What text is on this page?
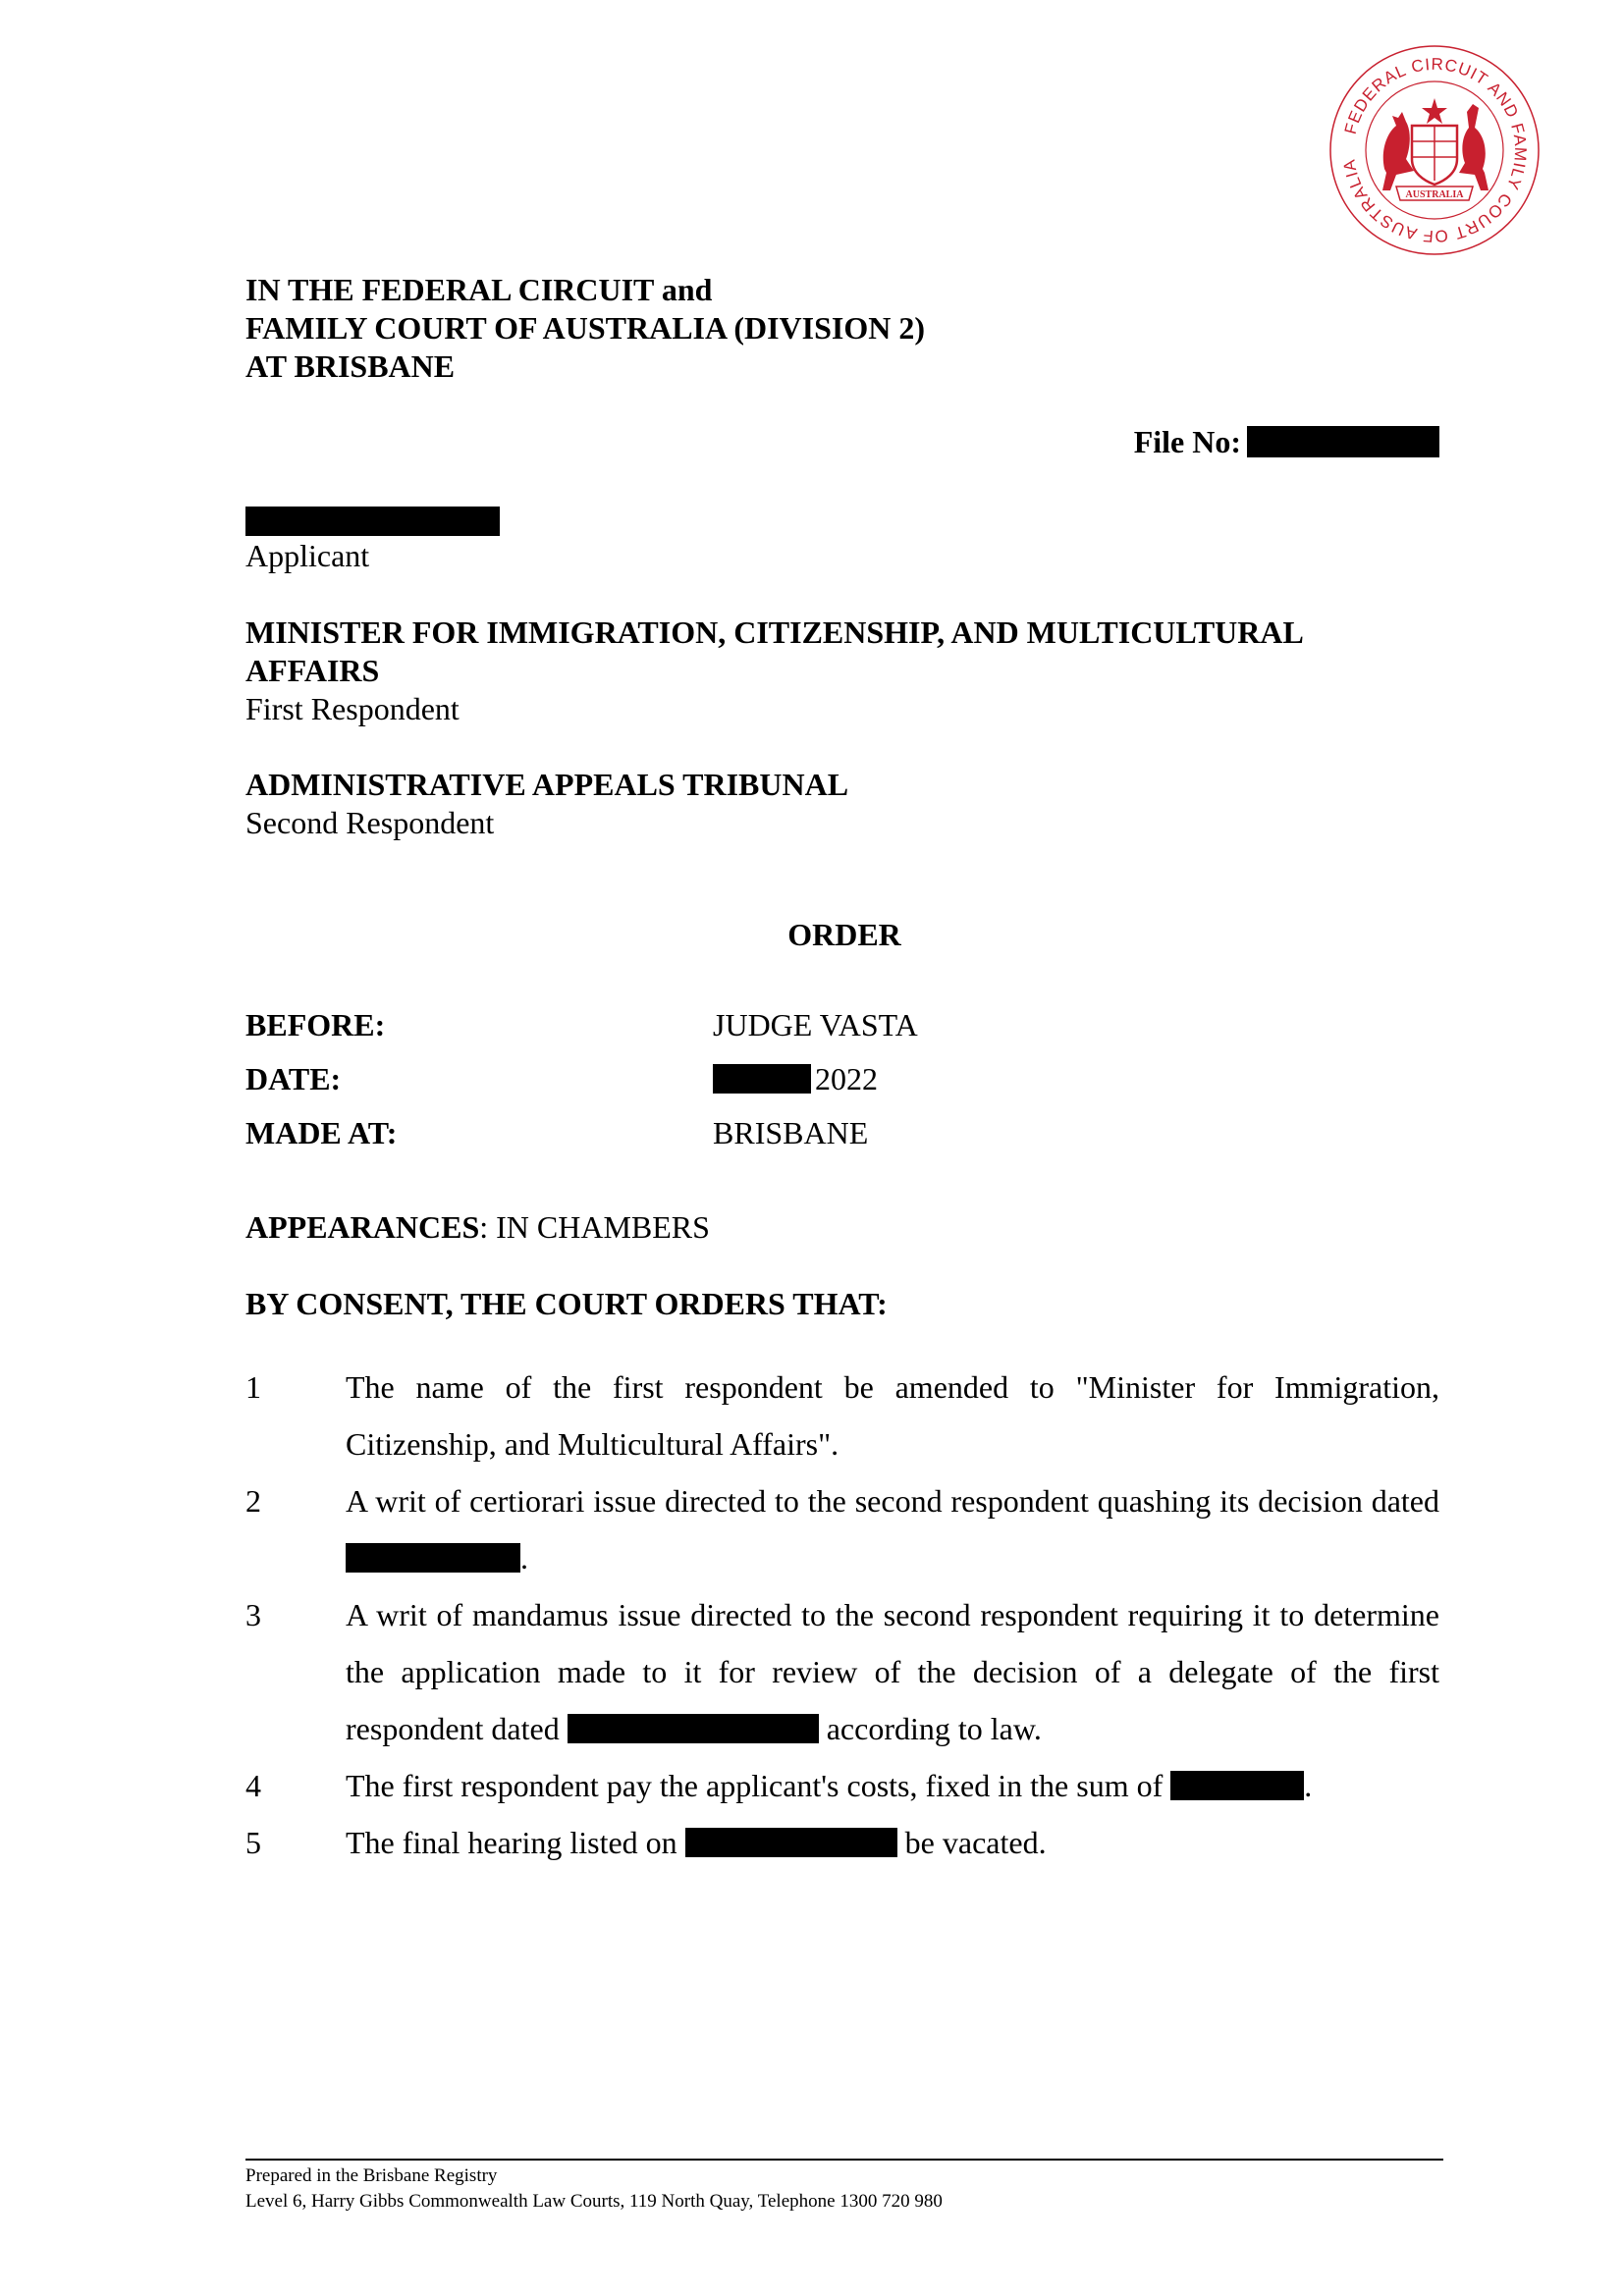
FEDERAL CIRCUIT AND FAMILY COURT OF AUSTRALIA
AUSTRALIA
IN THE FEDERAL CIRCUIT and
FAMILY COURT OF AUSTRALIA (DIVISION 2)
AT BRISBANE
File No:
Applicant
MINISTER FOR IMMIGRATION, CITIZENSHIP, AND MULTICULTURAL
AFFAIRS
First Respondent
ADMINISTRATIVE APPEALS TRIBUNAL
Second Respondent
ORDER
BEFORE:	JUDGE VASTA
DATE:	2022
MADE AT:	BRISBANE
APPEARANCES: IN CHAMBERS
BY CONSENT, THE COURT ORDERS THAT:
1	The name of the first respondent be amended to "Minister for Immigration, Citizenship, and Multicultural Affairs".
2	A writ of certiorari issue directed to the second respondent quashing its decision dated .
3	A writ of mandamus issue directed to the second respondent requiring it to determine the application made to it for review of the decision of a delegate of the first respondent dated	according to law.
4	The first respondent pay the applicant's costs, fixed in the sum of	.
5	The final hearing listed on	be vacated.
Prepared in the Brisbane Registry
Level 6, Harry Gibbs Commonwealth Law Courts, 119 North Quay, Telephone 1300 720 980
